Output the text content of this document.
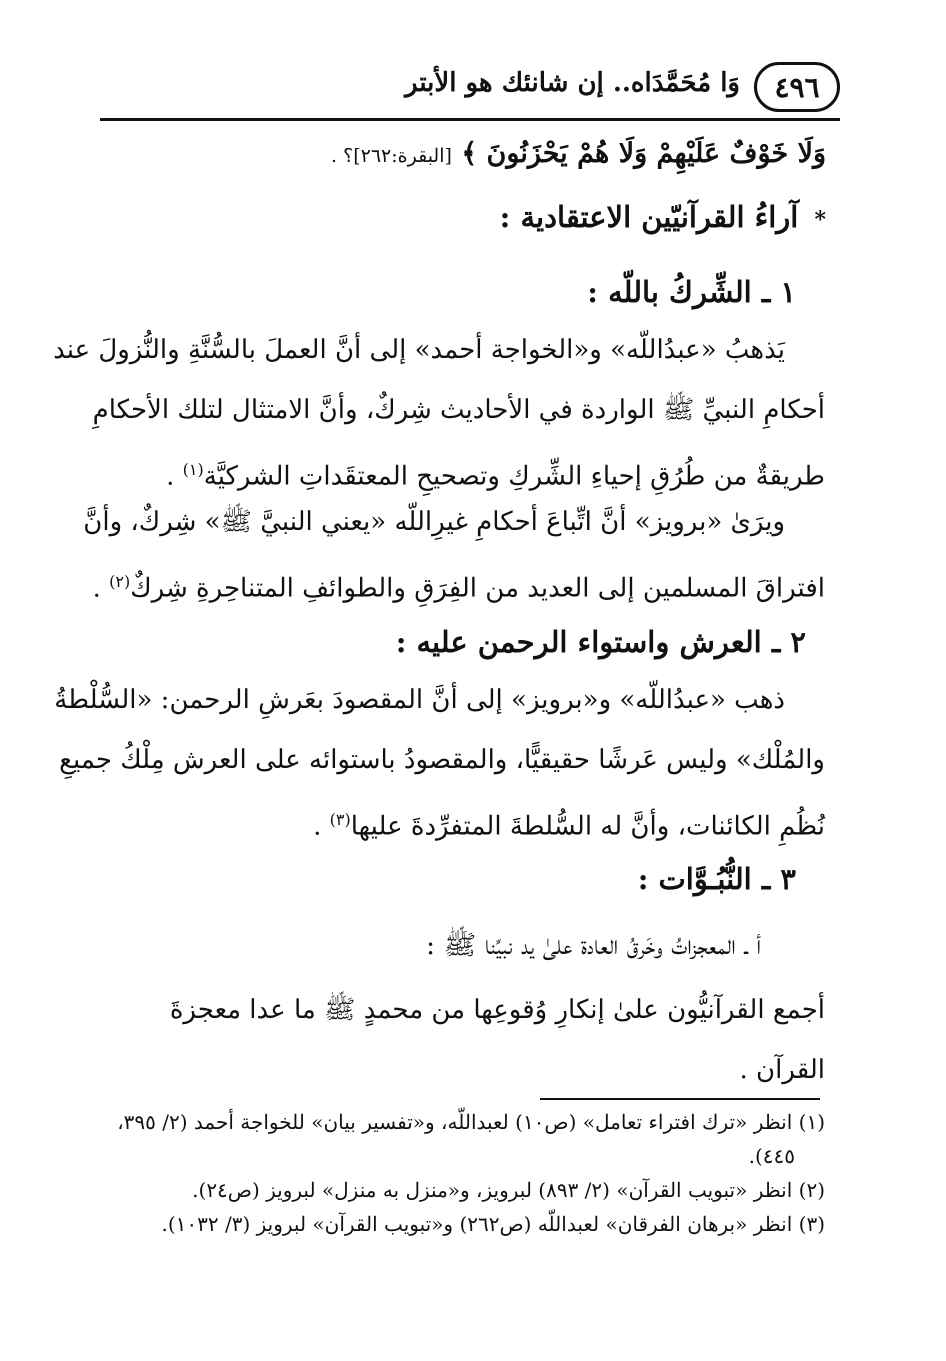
٤٩٦
وَا مُحَمَّدَاه.. إن شانئك هو الأبتر
وَلَا خَوْفٌ عَلَيْهِمْ وَلَا هُمْ يَحْزَنُونَ ﴾ [البقرة:٢٦٢]؟ .
* آراءُ القرآنيّين الاعتقادية :
١ ـ الشِّركُ باللّه :
يَذهبُ «عبدُاللّه» و«الخواجة أحمد» إلى أنَّ العملَ بالسُّنَّةِ والنُّزولَ عند
أحكامِ النبيِّ ﷺ الواردة في الأحاديث شِركٌ، وأنَّ الامتثال لتلك الأحكامِ
طريقةٌ من طُرُقِ إحياءِ الشِّركِ وتصحيحِ المعتقَداتِ الشركيَّة$^{(١)}$ .
ويرَىٰ «برويز» أنَّ اتِّباعَ أحكامِ غيرِاللّه «يعني النبيَّ ﷺ» شِركٌ، وأنَّ
افتراقَ المسلمين إلى العديد من الفِرَقِ والطوائفِ المتناحِرةِ شِركٌ$^{(٢)}$ .
٢ ـ العرش واستواء الرحمن عليه :
ذهب «عبدُاللّه» و«برويز» إلى أنَّ المقصودَ بعَرشِ الرحمن: «السُّلْطةُ
والمُلْك» وليس عَرشًا حقيقيًّا، والمقصودُ باستوائه على العرش مِلْكُ جميعِ
نُظُمِ الكائنات، وأنَّ له السُّلطةَ المتفرِّدةَ عليها$^{(٣)}$ .
٣ ـ النُّبُـوَّات :
أ ـ المعجزاتُ وخَرقُ العادة علىٰ يد نبيِّنا ﷺ :
أجمع القرآنيُّون علىٰ إنكارِ وُقوعِها من محمدٍ ﷺ ما عدا معجزةَ
القرآن .
(١) انظر «ترك افتراء تعامل» (ص١٠) لعبداللّه، و«تفسير بيان» للخواجة أحمد (٢/ ٣٩٥،
٤٤٥).
(٢) انظر «تبويب القرآن» (٢/ ٨٩٣) لبرويز، و«منزل به منزل» لبرويز (ص٢٤).
(٣) انظر «برهان الفرقان» لعبداللّه (ص٢٦٢) و«تبويب القرآن» لبرويز (٣/ ١٠٣٢).
